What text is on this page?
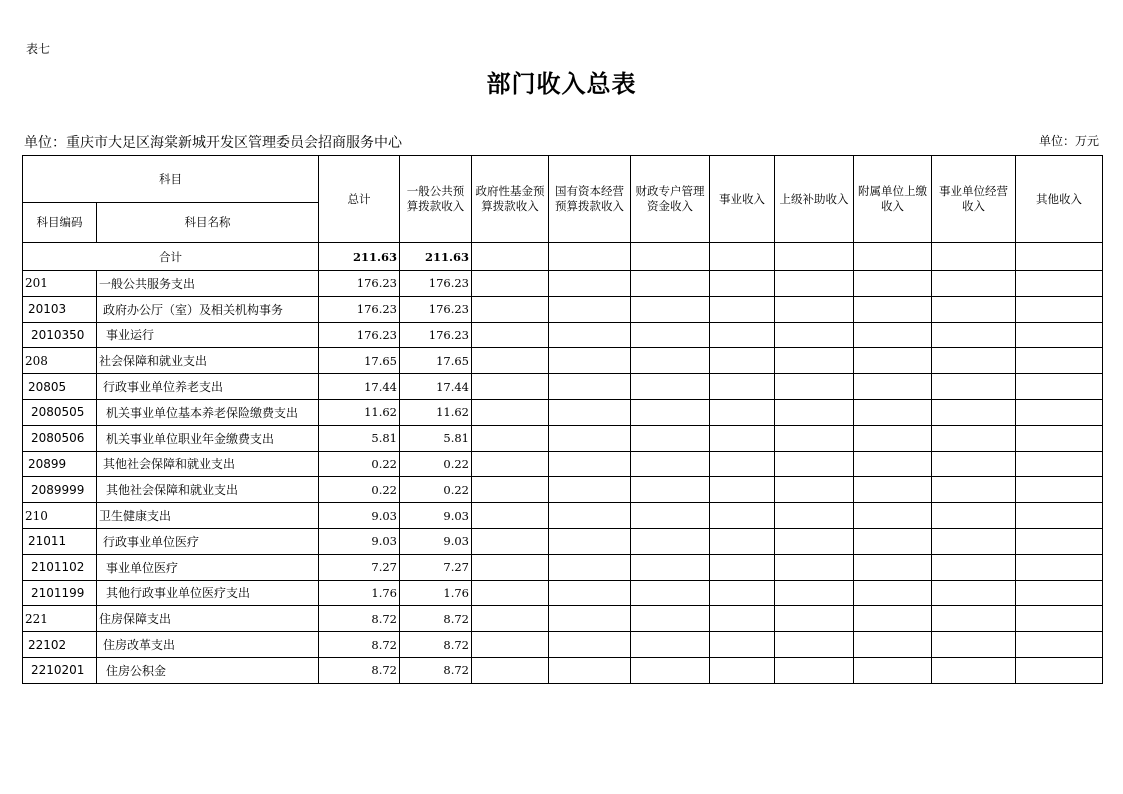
表七
部门收入总表
单位：重庆市大足区海棠新城开发区管理委员会招商服务中心	单位：万元
科目		总计	一般公共预算拨款收入	政府性基金预算拨款收入	国有资本经营预算拨款收入	财政专户管理资金收入	事业收入	上级补助收入	附属单位上缴收入	事业单位经营收入	其他收入
科目编码	科目名称										
合计		211.63	211.63								
201	一般公共服务支出	176.23	176.23								
20103	政府办公厅（室）及相关机构事务	176.23	176.23								
2010350	事业运行	176.23	176.23								
208	社会保障和就业支出	17.65	17.65								
20805	行政事业单位养老支出	17.44	17.44								
2080505	机关事业单位基本养老保险缴费支出	11.62	11.62								
2080506	机关事业单位职业年金缴费支出	5.81	5.81								
20899	其他社会保障和就业支出	0.22	0.22								
2089999	其他社会保障和就业支出	0.22	0.22								
210	卫生健康支出	9.03	9.03								
21011	行政事业单位医疗	9.03	9.03								
2101102	事业单位医疗	7.27	7.27								
2101199	其他行政事业单位医疗支出	1.76	1.76								
221	住房保障支出	8.72	8.72								
22102	住房改革支出	8.72	8.72								
2210201	住房公积金	8.72	8.72								
